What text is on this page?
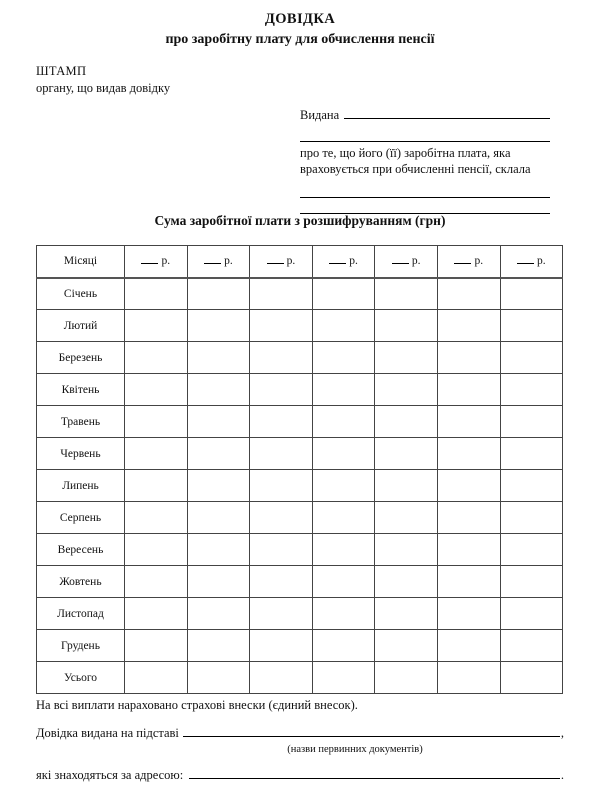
ДОВІДКА
про заробітну плату для обчислення пенсії
ШТАМП
органу, що видав довідку
Видана
про те, що його (її) заробітна плата, яка враховується при обчисленні пенсії, склала
Сума заробітної плати з розшифруванням (грн)
Місяці	р.	р.	р.	р.	р.	р.	р.
Січень							
Лютий							
Березень							
Квітень							
Травень							
Червень							
Липень							
Серпень							
Вересень							
Жовтень							
Листопад							
Грудень							
Усього							
На всі виплати нараховано страхові внески (єдиний внесок).
Довідка видана на підставі	,
(назви первинних документів)
які знаходяться за адресою:	.
